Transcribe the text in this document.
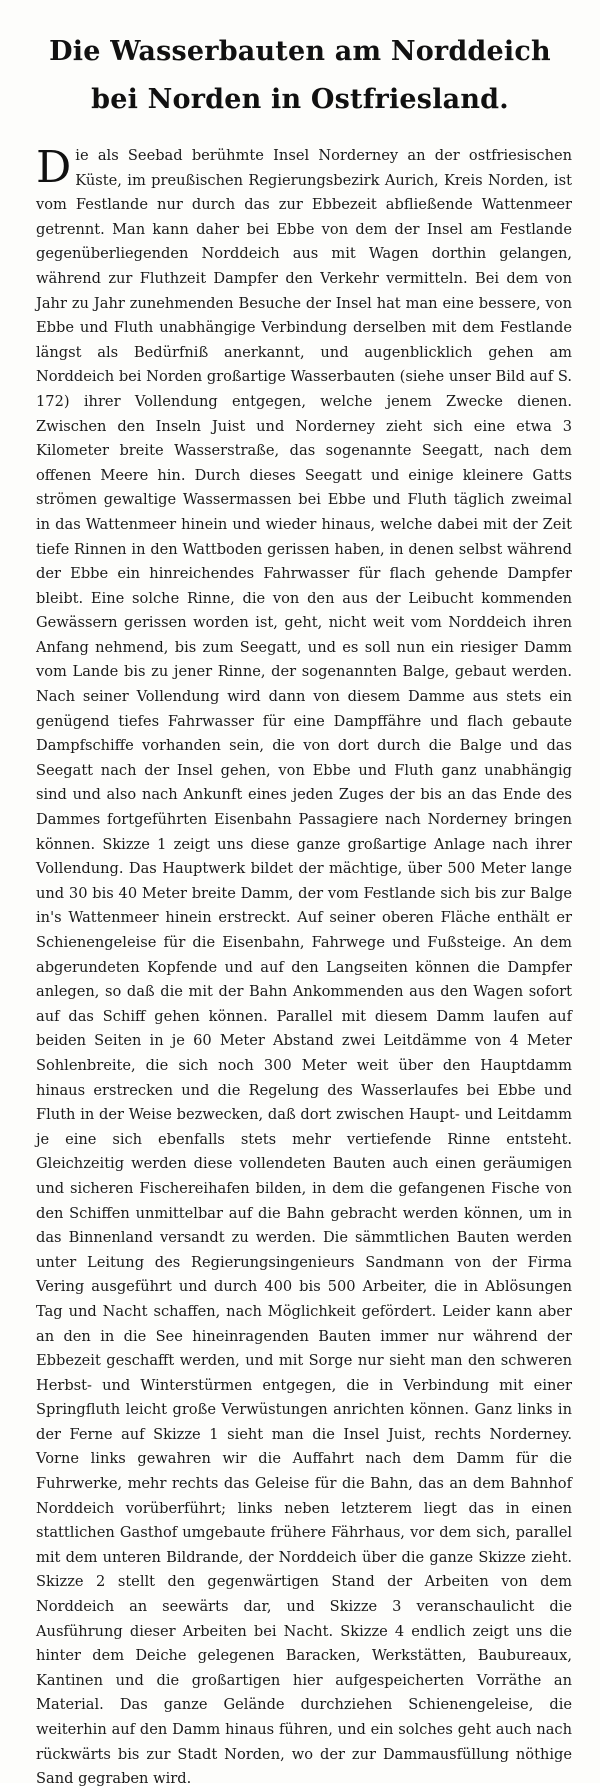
Die Wasserbauten am Norddeich bei Norden in Ostfriesland.
D ie als Seebad berühmte Insel Norderney an der ostfriesischen Küste, im preußischen Regierungsbezirk Aurich, Kreis Norden, ist vom Festlande nur durch das zur Ebbezeit abfließende Wattenmeer getrennt. Man kann daher bei Ebbe von dem der Insel am Festlande gegenüberliegenden Norddeich aus mit Wagen dorthin gelangen, während zur Fluthzeit Dampfer den Verkehr vermitteln. Bei dem von Jahr zu Jahr zunehmenden Besuche der Insel hat man eine bessere, von Ebbe und Fluth unabhängige Verbindung derselben mit dem Festlande längst als Bedürfniß anerkannt, und augenblicklich gehen am Norddeich bei Norden großartige Wasserbauten (siehe unser Bild auf S. 172) ihrer Vollendung entgegen, welche jenem Zwecke dienen. Zwischen den Inseln Juist und Norderney zieht sich eine etwa 3 Kilometer breite Wasserstraße, das sogenannte Seegatt, nach dem offenen Meere hin. Durch dieses Seegatt und einige kleinere Gatts strömen gewaltige Wassermassen bei Ebbe und Fluth täglich zweimal in das Wattenmeer hinein und wieder hinaus, welche dabei mit der Zeit tiefe Rinnen in den Wattboden gerissen haben, in denen selbst während der Ebbe ein hinreichendes Fahrwasser für flach gehende Dampfer bleibt. Eine solche Rinne, die von den aus der Leibucht kommenden Gewässern gerissen worden ist, geht, nicht weit vom Norddeich ihren Anfang nehmend, bis zum Seegatt, und es soll nun ein riesiger Damm vom Lande bis zu jener Rinne, der sogenannten Balge, gebaut werden. Nach seiner Vollendung wird dann von diesem Damme aus stets ein genügend tiefes Fahrwasser für eine Dampffähre und flach gebaute Dampfschiffe vorhanden sein, die von dort durch die Balge und das Seegatt nach der Insel gehen, von Ebbe und Fluth ganz unabhängig sind und also nach Ankunft eines jeden Zuges der bis an das Ende des Dammes fortgeführten Eisenbahn Passagiere nach Norderney bringen können. Skizze 1 zeigt uns diese ganze großartige Anlage nach ihrer Vollendung. Das Hauptwerk bildet der mächtige, über 500 Meter lange und 30 bis 40 Meter breite Damm, der vom Festlande sich bis zur Balge in's Wattenmeer hinein erstreckt. Auf seiner oberen Fläche enthält er Schienengeleise für die Eisenbahn, Fahrwege und Fußsteige. An dem abgerundeten Kopfende und auf den Langseiten können die Dampfer anlegen, so daß die mit der Bahn Ankommenden aus den Wagen sofort auf das Schiff gehen können. Parallel mit diesem Damm laufen auf beiden Seiten in je 60 Meter Abstand zwei Leitdämme von 4 Meter Sohlenbreite, die sich noch 300 Meter weit über den Hauptdamm hinaus erstrecken und die Regelung des Wasserlaufes bei Ebbe und Fluth in der Weise bezwecken, daß dort zwischen Haupt- und Leitdamm je eine sich ebenfalls stets mehr vertiefende Rinne entsteht. Gleichzeitig werden diese vollendeten Bauten auch einen geräumigen und sicheren Fischereihafen bilden, in dem die gefangenen Fische von den Schiffen unmittelbar auf die Bahn gebracht werden können, um in das Binnenland versandt zu werden. Die sämmtlichen Bauten werden unter Leitung des Regierungsingenieurs Sandmann von der Firma Vering ausgeführt und durch 400 bis 500 Arbeiter, die in Ablösungen Tag und Nacht schaffen, nach Möglichkeit gefördert. Leider kann aber an den in die See hineinragenden Bauten immer nur während der Ebbezeit geschafft werden, und mit Sorge nur sieht man den schweren Herbst- und Winterstürmen entgegen, die in Verbindung mit einer Springfluth leicht große Verwüstungen anrichten können. Ganz links in der Ferne auf Skizze 1 sieht man die Insel Juist, rechts Norderney. Vorne links gewahren wir die Auffahrt nach dem Damm für die Fuhrwerke, mehr rechts das Geleise für die Bahn, das an dem Bahnhof Norddeich vorüberführt; links neben letzterem liegt das in einen stattlichen Gasthof umgebaute frühere Fährhaus, vor dem sich, parallel mit dem unteren Bildrande, der Norddeich über die ganze Skizze zieht. Skizze 2 stellt den gegenwärtigen Stand der Arbeiten von dem Norddeich an seewärts dar, und Skizze 3 veranschaulicht die Ausführung dieser Arbeiten bei Nacht. Skizze 4 endlich zeigt uns die hinter dem Deiche gelegenen Baracken, Werkstätten, Baubureaux, Kantinen und die großartigen hier aufgespeicherten Vorräthe an Material. Das ganze Gelände durchziehen Schienengeleise, die weiterhin auf den Damm hinaus führen, und ein solches geht auch nach rückwärts bis zur Stadt Norden, wo der zur Dammausfüllung nöthige Sand gegraben wird.
